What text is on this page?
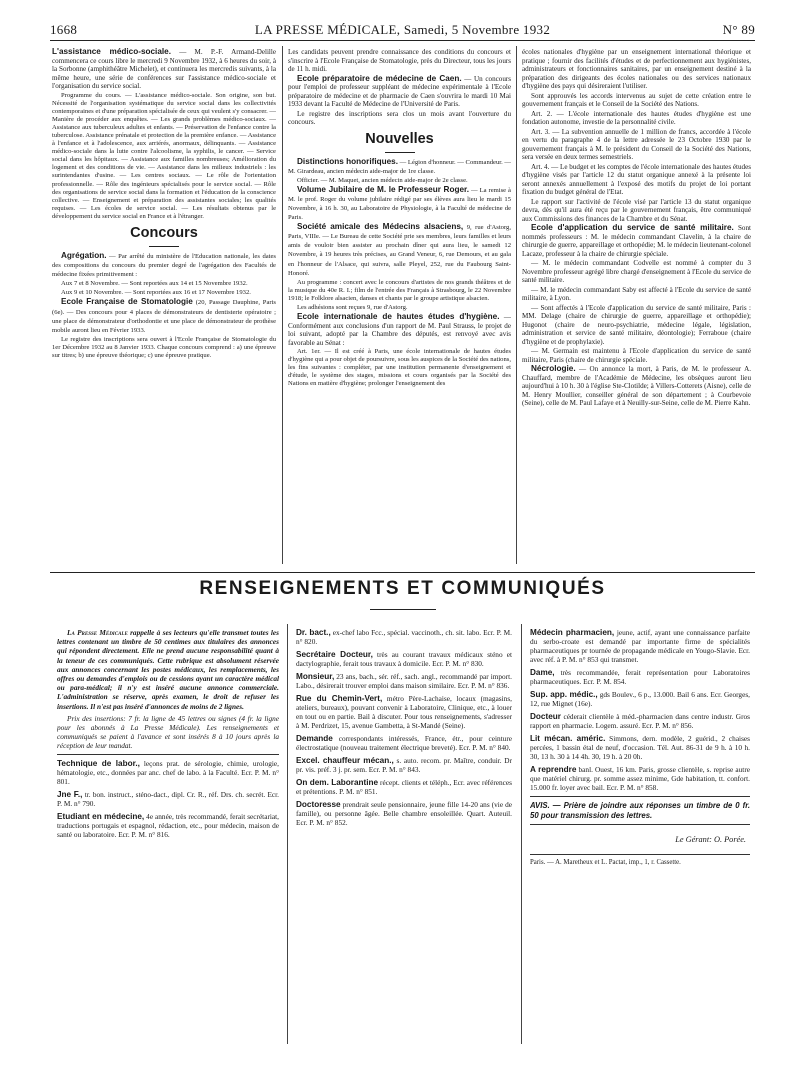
1668	LA PRESSE MÉDICALE, Samedi, 5 Novembre 1932	N° 89

L'assistance médico-sociale. — M. P.-F. Armand-Delille commencera ce cours libre le mercredi 9 Novembre 1932, à 6 heures du soir, à la Sorbonne (amphithéâtre Michelet), et continuera les mercredis suivants, à la même heure, une série de conférences sur l'assistance médico-sociale et l'organisation du service social.

Programme du cours. — L'assistance médico-sociale. Son origine, son but. Nécessité de l'organisation systématique du service social dans les collectivités contemporaines et d'une préparation spécialisée de ceux qui veulent s'y consacrer. — Manière de procéder aux enquêtes. — Les grands problèmes médico-sociaux. — Assistance aux tuberculeux adultes et enfants. — Préservation de l'enfance contre la tuberculose. Assistance prénatale et protection de la première enfance. — Assistance à l'enfance et à l'adolescence, aux arriérés, anormaux, délinquants. — Assistance médico-sociale dans la lutte contre l'alcoolisme, la syphilis, le cancer. — Service social dans les hôpitaux. — Assistance aux familles nombreuses; Amélioration du logement et des conditions de vie. — Assistance dans les milieux industriels : les surintendantes d'usine. — Les centres sociaux. — Le rôle de l'orientation professionnelle. — Rôle des ingénieurs spécialisés pour le service social. — Rôle des organisations de service social dans la formation et l'éducation de la conscience collective. — Enseignement et préparation des assistantes sociales; les qualités requises. — Les écoles de service social. — Les résultats obtenus par le développement du service social en France et à l'étranger.

Concours

Agrégation. — Par arrêté du ministère de l'Education nationale, les dates des compositions du concours du premier degré de l'agrégation des Facultés de médecine fixées primitivement :

Aux 7 et 8 Novembre. — Sont reportées aux 14 et 15 Novembre 1932.

Aux 9 et 10 Novembre. — Sont reportées aux 16 et 17 Novembre 1932.

Ecole Française de Stomatologie (20, Passage Dauphine, Paris (6e). — Des concours pour 4 places de démonstrateurs de dentisterie opératoire ; une place de démonstrateur d'orthodontie et une place de démonstrateur de prothèse mobile auront lieu en Février 1933.

Le registre des inscriptions sera ouvert à l'Ecole Française de Stomatologie du 1er Décembre 1932 au 8 Janvier 1933. Chaque concours comprend : a) une épreuve sur titres; b) une épreuve théorique; c) une épreuve pratique.

Les candidats peuvent prendre connaissance des conditions du concours et s'inscrire à l'Ecole Française de Stomatologie, près du Directeur, tous les jours de 11 h. midi.

Ecole préparatoire de médecine de Caen. — Un concours pour l'emploi de professeur suppléant de médecine expérimentale à l'Ecole préparatoire de médecine et de pharmacie de Caen s'ouvrira le mardi 10 Mai 1933 devant la Faculté de Médecine de l'Université de Paris.

Le registre des inscriptions sera clos un mois avant l'ouverture du concours.

Nouvelles

Distinctions honorifiques. — Légion d'honneur. — Commandeur. — M. Girardeau, ancien médecin aide-major de 1re classe.

Officier. — M. Maquet, ancien médecin aide-major de 2e classe.

Volume Jubilaire de M. le Professeur Roger. — La remise à M. le prof. Roger du volume jubilaire rédigé par ses élèves aura lieu le mardi 15 Novembre, à 16 h. 30, au Laboratoire de Physiologie, à la Faculté de médecine de Paris.

Société amicale des Médecins alsaciens, 9, rue d'Astorg, Paris, VIIIe. — Le Bureau de cette Société prie ses membres, leurs familles et leurs amis de vouloir bien assister au prochain dîner qui aura lieu, le samedi 12 Novembre, à 19 heures très précises, au Grand Veneur, 6, rue Demours, et au gala en l'honneur de l'Alsace, qui suivra, salle Pleyel, 252, rue du Faubourg Saint-Honoré.

Au programme : concert avec le concours d'artistes de nos grands théâtres et de la musique du 40e R. I.; film de l'entrée des Français à Strasbourg, le 22 Novembre 1918; le Folklore alsacien, danses et chants par le groupe artistique alsacien.

Les adhésions sont reçues 9, rue d'Astorg.

Ecole internationale de hautes études d'hygiène. — Conformément aux conclusions d'un rapport de M. Paul Strauss, le projet de loi suivant, adopté par la Chambre des députés, est renvoyé avec avis favorable au Sénat :

Art. 1er. — Il est créé à Paris, une école internationale de hautes études d'hygiène qui a pour objet de poursuivre, sous les auspices de la Société des nations, les fins suivantes : compléter, par une institution permanente d'enseignement et d'étude, le système des stages, missions et cours organisés par la Société des Nations en matière d'hygiène; prolonger l'enseignement des

écoles nationales d'hygiène par un enseignement international théorique et pratique ; fournir des facilités d'études et de perfectionnement aux hygiénistes, administrateurs et fonctionnaires sanitaires, par un enseignement destiné à la préparation des dirigeants des écoles nationales ou des services nationaux d'hygiène des pays qui désireraient l'utiliser.

Sont approuvés les accords intervenus au sujet de cette création entre le gouvernement français et le Conseil de la Société des Nations.

Art. 2. — L'école internationale des hautes études d'hygiène est une fondation autonome, investie de la personnalité civile.

Art. 3. — La subvention annuelle de 1 million de francs, accordée à l'école en vertu du paragraphe 4 de la lettre adressée le 23 Octobre 1930 par le gouvernement français à M. le président du Conseil de la Société des Nations, sera versée en deux termes semestriels.

Art. 4. — Le budget et les comptes de l'école internationale des hautes études d'hygiène visés par l'article 12 du statut organique annexé à la présente loi seront annexés annuellement à l'exposé des motifs du projet de loi portant fixation du budget général de l'Etat.

Le rapport sur l'activité de l'école visé par l'article 13 du statut organique devra, dès qu'il aura été reçu par le gouvernement français, être communiqué aux Commissions des finances de la Chambre et du Sénat.

Ecole d'application du service de santé militaire. Sont nommés professeurs : M. le médecin commandant Clavelin, à la chaire de chirurgie de guerre, appareillage et orthopédie; M. le médecin lieutenant-colonel Lacaze, professeur à la chaire de chirurgie spéciale.

— M. le médecin commandant Codvelle est nommé à compter du 3 Novembre professeur agrégé libre chargé d'enseignement à l'Ecole du service de santé militaire.

— M. le médecin commandant Saby est affecté à l'Ecole du service de santé militaire, à Lyon.

— Sont affectés à l'Ecole d'application du service de santé militaire, Paris : MM. Delage (chaire de chirurgie de guerre, appareillage et orthopédie); Hugonot (chaire de neuro-psychiatrie, médecine légale, législation, administration et service de santé militaire, déontologie); Ferraboue (chaire d'hygiène et de prophylaxie).

— M. Germain est maintenu à l'Ecole d'application du service de santé militaire, Paris (chaire de chirurgie spéciale.

Nécrologie. — On annonce la mort, à Paris, de M. le professeur A. Chauffard, membre de l'Académie de Médecine, les obsèques auront lieu aujourd'hui à 10 h. 30 à l'église Ste-Clotilde; à Villers-Cotterets (Aisne), celle de M. Henry Moullier, conseiller général de son département ; à Courbevoie (Seine), celle de M. Paul Lafaye et à Neuilly-sur-Seine, celle de M. Pierre Kahn.

RENSEIGNEMENTS ET COMMUNIQUÉS

La Presse Médicale rappelle à ses lecteurs qu'elle transmet toutes les lettres contenant un timbre de 50 centimes aux titulaires des annonces qui répondent directement. Elle ne prend aucune responsabilité quant à la teneur de ces communiqués. Cette rubrique est absolument réservée aux annonces concernant les postes médicaux, les remplacements, les offres ou demandes d'emplois ou de cessions ayant un caractère médical ou para-médical; il n'y est inséré aucune annonce commerciale. L'administration se réserve, après examen, le droit de refuser les insertions. Il n'est pas inséré d'annonces de moins de 2 lignes.

Prix des insertions: 7 fr. la ligne de 45 lettres ou signes (4 fr. la ligne pour les abonnés à La Presse Médicale). Les renseignements et communiqués se paient à l'avance et sont insérés 8 à 10 jours après la réception de leur mandat.

Technique de labor., leçons prat. de sérologie, chimie, urologie, hématologie, etc., données par anc. chef de labo. à la Faculté. Ecr. P. M. n° 801.

Jne F., tr. bon. instruct., sténo-dact., dipl. Cr. R., réf. Drs. ch. secrét. Ecr. P. M. n° 790.

Etudiant en médecine, 4e année, très recommandé, ferait secrétariat, traductions portugais et espagnol, rédaction, etc., pour médecin, maison de santé ou laboratoire. Ecr. P. M. n° 816.

Dr. bact., ex-chef labo Fcc., spécial. vaccinoth., ch. sit. labo. Ecr. P. M. n° 820.

Secrétaire Docteur, très au courant travaux médicaux sténo et dactylographie, ferait tous travaux à domicile. Ecr. P. M. n° 830.

Monsieur, 23 ans, bach., sér. réf., sach. angl., recommandé par import. Labo., désirerait trouver emploi dans maison similaire. Ecr. P. M. n° 836.

Rue du Chemin-Vert, métro Père-Lachaise, locaux (magasins, ateliers, bureaux), pouvant convenir à Laboratoire, Clinique, etc., à louer en tout ou en partie. Bail à discuter. Pour tous renseignements, s'adresser à M. Perdrizet, 15, avenue Gambetta, à St-Mandé (Seine).

Demande correspondants intéressés, France, étr., pour ceinture électrostatique (nouveau traitement électrique breveté). Ecr. P. M. n° 840.

Excel. chauffeur mécan., s. auto. recom. pr. Maître, conduir. Dr pr. vis. préf. 3 j. pr. sem. Ecr. P. M. n° 843.

On dem. Laborantine récept. clients et téléph., Ecr. avec références et prétentions. P. M. n° 851.

Doctoresse prendrait seule pensionnaire, jeune fille 14-20 ans (vie de famille), ou personne âgée. Belle chambre ensoleillée. Quart. Auteuil. Ecr. P. M. n° 852.

Médecin pharmacien, jeune, actif, ayant une connaissance parfaite du serbo-croate est demandé par importante firme de spécialités pharmaceutiques pr tournée de propagande médicale en Yougo-Slavie. Ecr. avec réf. à P. M. n° 853 qui transmet.

Dame, très recommandée, ferait représentation pour Laboratoires pharmaceutiques. Ecr. P. M. 854.

Sup. app. médic., gds Boulev., 6 p., 13.000. Bail 6 ans. Ecr. Georges, 12, rue Mignet (16e).

Docteur céderait clientèle à méd.-pharmacien dans centre industr. Gros rapport en pharmacie. Logem. assuré. Ecr. P. M. n° 856.

Lit mécan. améric. Simmons, dern. modèle, 2 guérid., 2 chaises percées, 1 bassin étal de neuf, d'occasion. Tél. Aut. 86-31 de 9 h. à 10 h. 30, 13 h. 30 à 14 4h. 30, 19 h. à 20 0h.

A reprendre banl. Ouest, 16 km. Paris, grosse clientèle, s. reprise autre que matériel chirurg. pr. somme assez minime, Gde habitation, tt. confort. 15.000 fr. loyer avec bail. Ecr. P. M. n° 858.

AVIS. — Prière de joindre aux réponses un timbre de 0 fr. 50 pour transmission des lettres.

Le Gérant: O. Porée.

Paris. — A. Maretheux et L. Pactat, imp., 1, r. Cassette.
